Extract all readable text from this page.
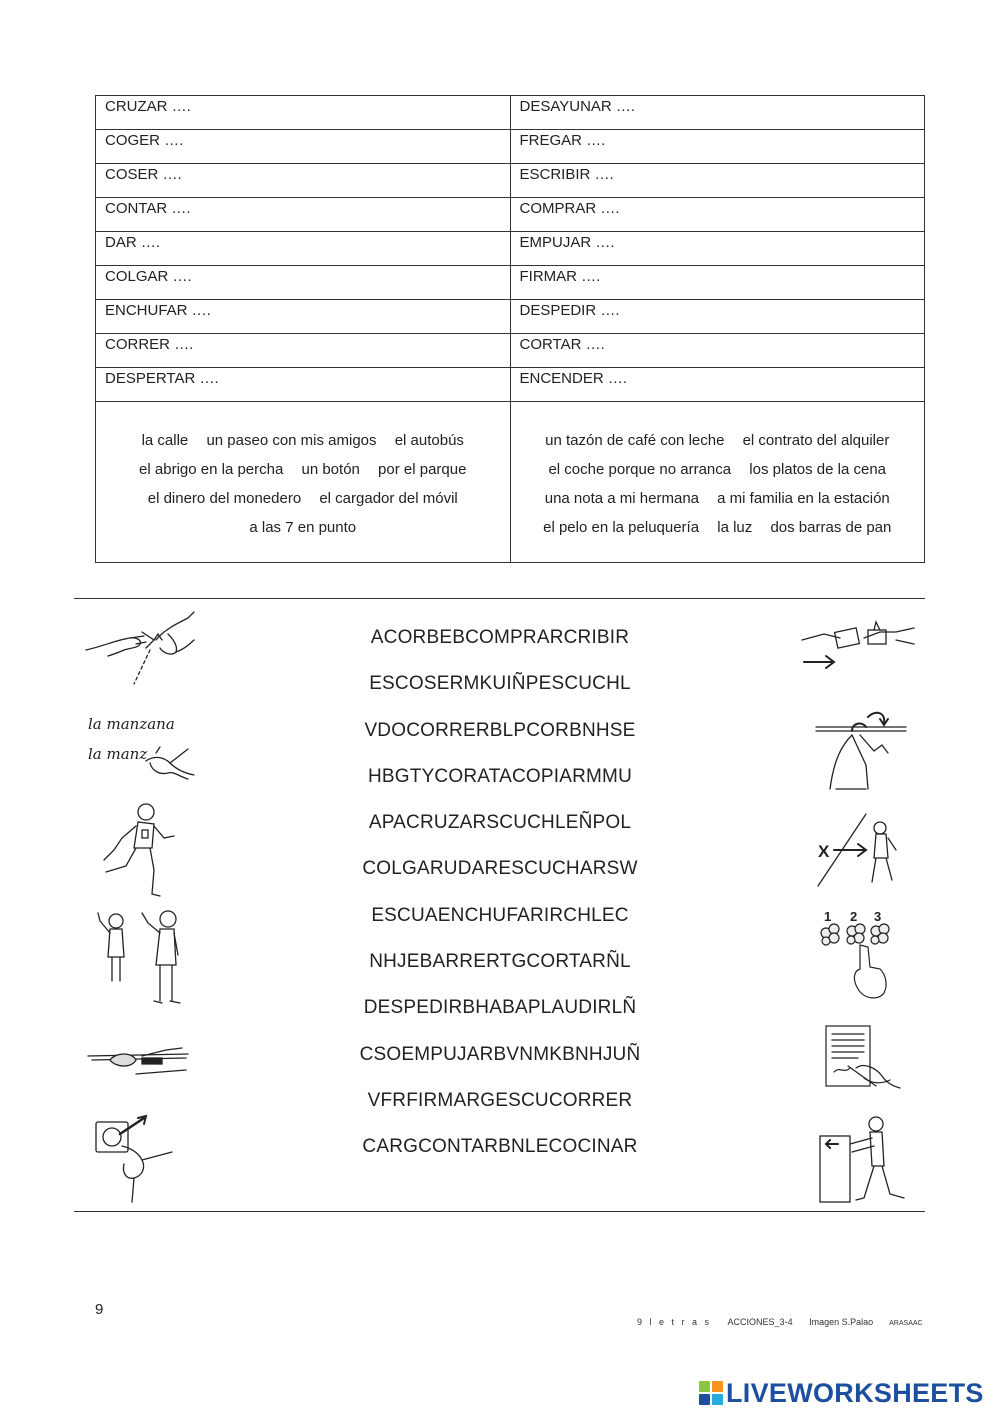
CRUZAR ….	DESAYUNAR ….
COGER ….	FREGAR ….
COSER ….	ESCRIBIR ….
CONTAR ….	COMPRAR ….
DAR ….	EMPUJAR ….
COLGAR ….	FIRMAR ….
ENCHUFAR ….	DESPEDIR ….
CORRER ….	CORTAR ….
DESPERTAR ….	ENCENDER ….
la calle un paseo con mis amigos el autobús el abrigo en la percha un botón por el parque el dinero del monedero el cargador del móvil a las 7 en punto	un tazón de café con leche el contrato del alquiler el coche porque no arranca los platos de la cena una nota a mi hermana a mi familia en la estación el pelo en la peluquería la luz dos barras de pan
ACORBEBCOMPRARCRIBIR
ESCOSERMKUIÑPESCUCHL
VDOCORRERBLPCORBNHSE
HBGTYCORATACOPIARMMU
APACRUZARSCUCHLEÑPOL
COLGARUDARESCUCHARSW
ESCUAENCHUFARIRCHLEC
NHJEBARRERTGCORTARÑL
DESPEDIRBHABAPLAUDIRLÑ
CSOEMPUJARBVNMKBNHJUÑ
VFRFIRMARGESCUCORRER
CARGCONTARBNLECOCINAR
la manzana
la manz
X
1 2 3
9
9 l e t r a s ACCIONES_3-4 Imagen S.Palao ARASAAC
LIVEWORKSHEETS
